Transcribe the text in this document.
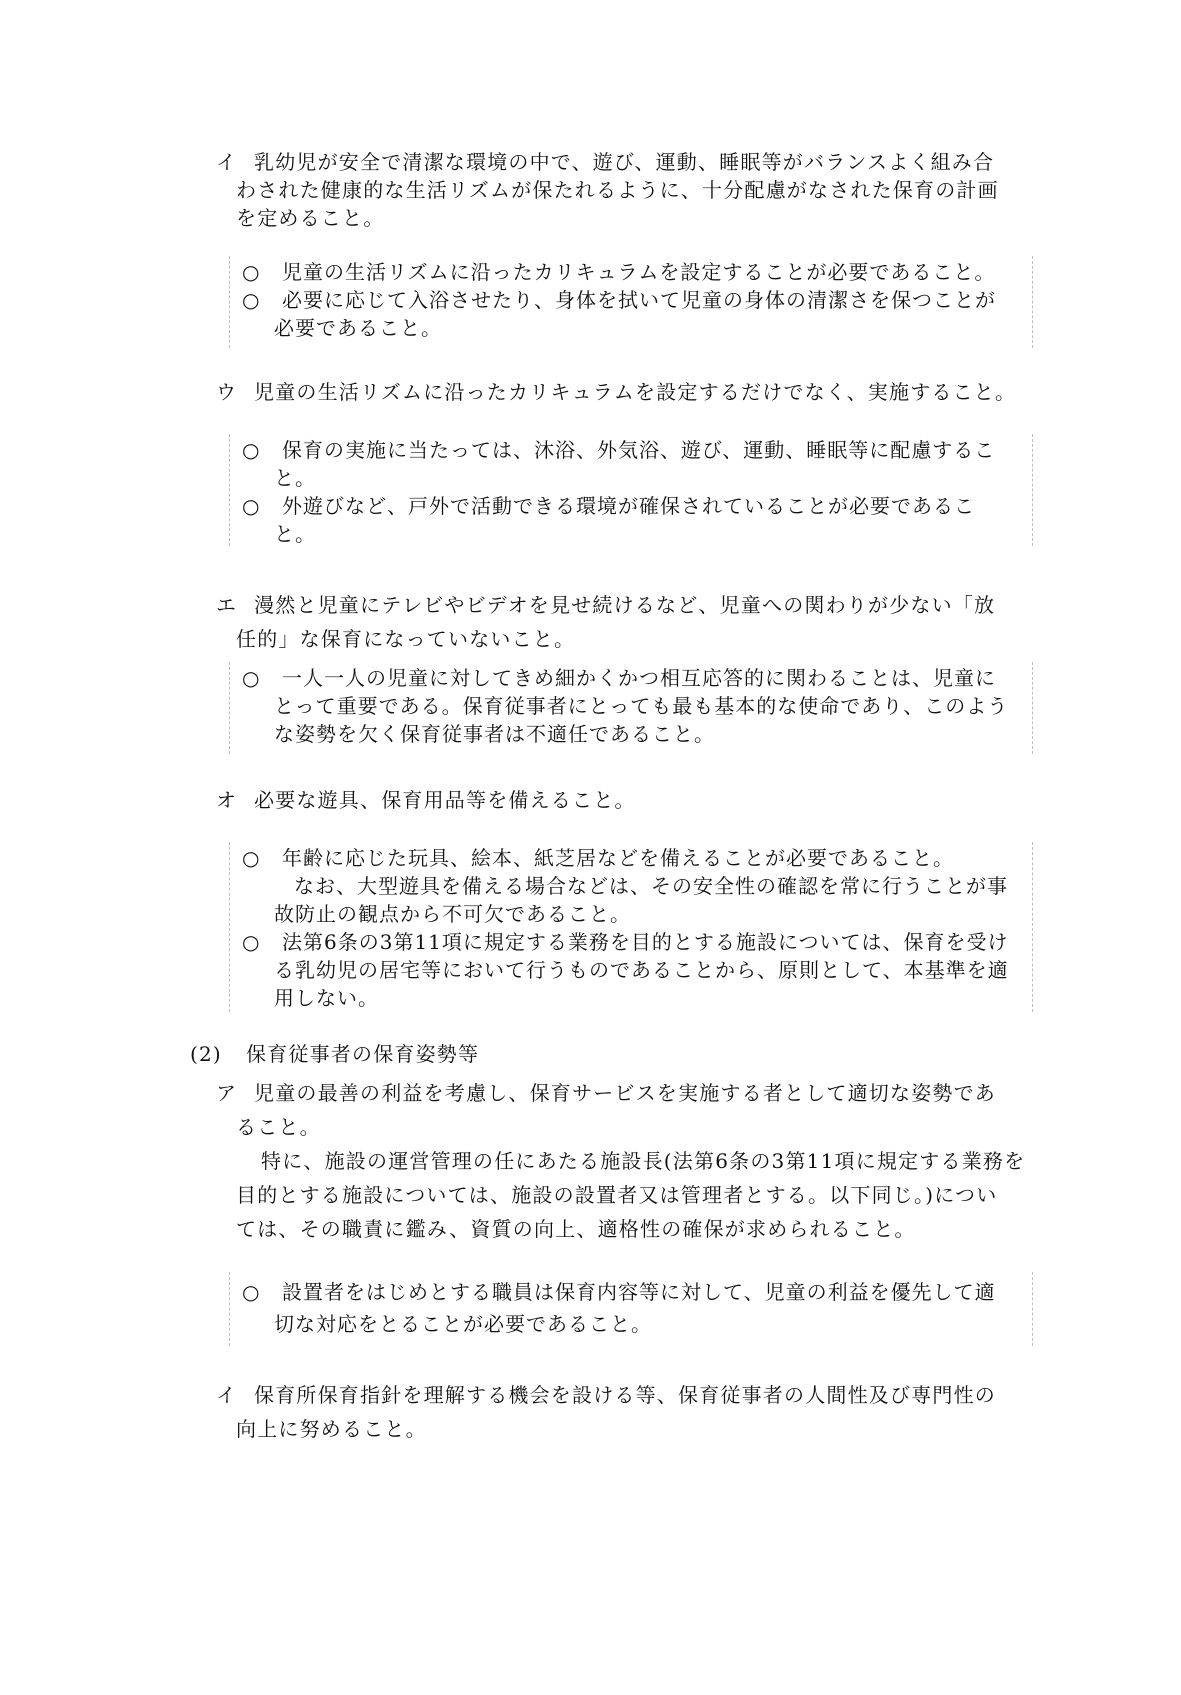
イ 乳幼児が安全で清潔な環境の中で、遊び、運動、睡眠等がバランスよく組み合
わされた健康的な生活リズムが保たれるように、十分配慮がなされた保育の計画
を定めること。
○	児童の生活リズムに沿ったカリキュラムを設定することが必要であること。
○	必要に応じて入浴させたり、身体を拭いて児童の身体の清潔さを保つことが
必要であること。
ウ 児童の生活リズムに沿ったカリキュラムを設定するだけでなく、実施すること。
○	保育の実施に当たっては、沐浴、外気浴、遊び、運動、睡眠等に配慮するこ
と。
○	外遊びなど、戸外で活動できる環境が確保されていることが必要であるこ
と。
エ 漫然と児童にテレビやビデオを見せ続けるなど、児童への関わりが少ない「放
任的」な保育になっていないこと。
○	一人一人の児童に対してきめ細かくかつ相互応答的に関わることは、児童に
とって重要である。保育従事者にとっても最も基本的な使命であり、このよう
な姿勢を欠く保育従事者は不適任であること。
オ 必要な遊具、保育用品等を備えること。
○	年齢に応じた玩具、絵本、紙芝居などを備えることが必要であること。
なお、大型遊具を備える場合などは、その安全性の確認を常に行うことが事
故防止の観点から不可欠であること。
○	法第6条の3第11項に規定する業務を目的とする施設については、保育を受け
る乳幼児の居宅等において行うものであることから、原則として、本基準を適
用しない。
(2) 保育従事者の保育姿勢等
ア 児童の最善の利益を考慮し、保育サービスを実施する者として適切な姿勢であ
ること。
特に、施設の運営管理の任にあたる施設長(法第6条の3第11項に規定する業務を
目的とする施設については、施設の設置者又は管理者とする。以下同じ。)につい
ては、その職責に鑑み、資質の向上、適格性の確保が求められること。
○	設置者をはじめとする職員は保育内容等に対して、児童の利益を優先して適
切な対応をとることが必要であること。
イ 保育所保育指針を理解する機会を設ける等、保育従事者の人間性及び専門性の
向上に努めること。
